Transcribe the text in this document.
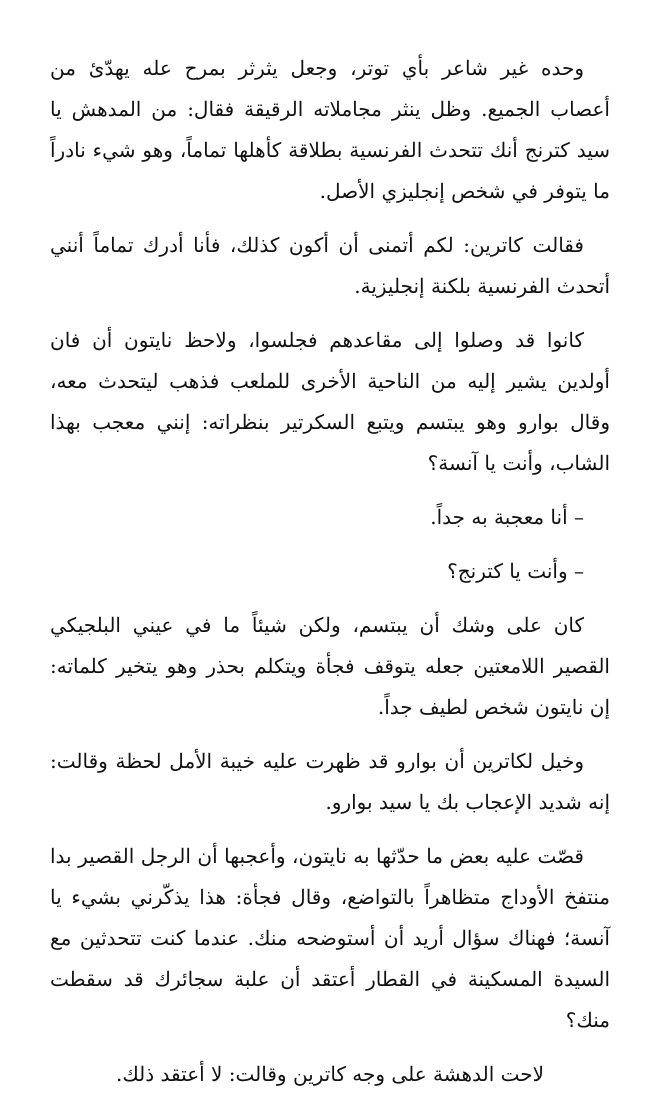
وحده غير شاعر بأي توتر، وجعل يثرثر بمرح عله يهدّئ من أعصاب الجميع. وظل ينثر مجاملاته الرقيقة فقال: من المدهش يا سيد كترنج أنك تتحدث الفرنسية بطلاقة كأهلها تماماً، وهو شيء نادراً ما يتوفر في شخص إنجليزي الأصل.

فقالت كاترين: لكم أتمنى أن أكون كذلك، فأنا أدرك تماماً أنني أتحدث الفرنسية بلكنة إنجليزية.

كانوا قد وصلوا إلى مقاعدهم فجلسوا، ولاحظ نايتون أن فان أولدين يشير إليه من الناحية الأخرى للملعب فذهب ليتحدث معه، وقال بوارو وهو يبتسم ويتبع السكرتير بنظراته: إنني معجب بهذا الشاب، وأنت يا آنسة؟

– أنا معجبة به جداً.

– وأنت يا كترنج؟

كان على وشك أن يبتسم، ولكن شيئاً ما في عيني البلجيكي القصير اللامعتين جعله يتوقف فجأة ويتكلم بحذر وهو يتخير كلماته: إن نايتون شخص لطيف جداً.

وخيل لكاترين أن بوارو قد ظهرت عليه خيبة الأمل لحظة وقالت: إنه شديد الإعجاب بك يا سيد بوارو.

قصّت عليه بعض ما حدّثها به نايتون، وأعجبها أن الرجل القصير بدا منتفخ الأوداج متظاهراً بالتواضع، وقال فجأة: هذا يذكّرني بشيء يا آنسة؛ فهناك سؤال أريد أن أستوضحه منك. عندما كنت تتحدثين مع السيدة المسكينة في القطار أعتقد أن علبة سجائرك قد سقطت منك؟

لاحت الدهشة على وجه كاترين وقالت: لا أعتقد ذلك.
